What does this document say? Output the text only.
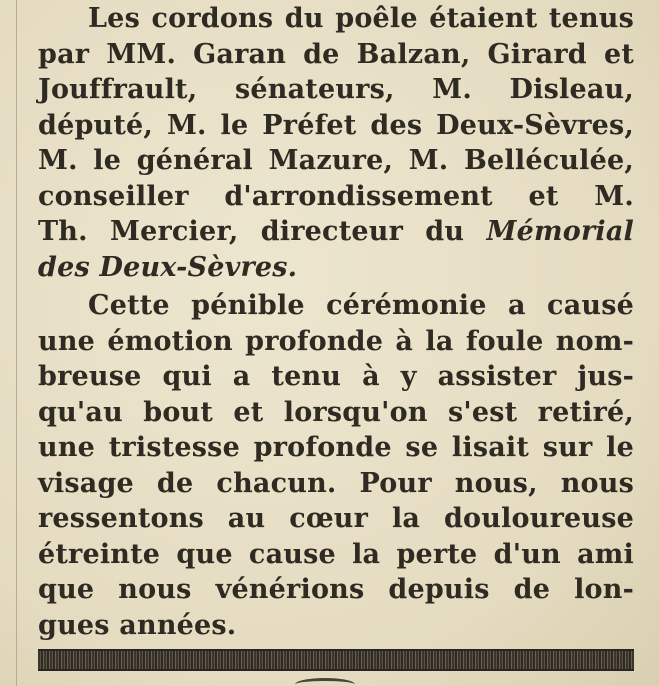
Les cordons du poêle étaient tenus
par MM. Garan de Balzan, Girard et
Jouffrault, sénateurs, M. Disleau,
député, M. le Préfet des Deux-Sèvres,
M. le général Mazure, M. Belléculée,
conseiller d'arrondissement et M.
Th. Mercier, directeur du Mémorial
des Deux-Sèvres.
Cette pénible cérémonie a causé
une émotion profonde à la foule nom-
breuse qui a tenu à y assister jus-
qu'au bout et lorsqu'on s'est retiré,
une tristesse profonde se lisait sur le
visage de chacun. Pour nous, nous
ressentons au cœur la douloureuse
étreinte que cause la perte d'un ami
que nous vénérions depuis de lon-
gues années.
